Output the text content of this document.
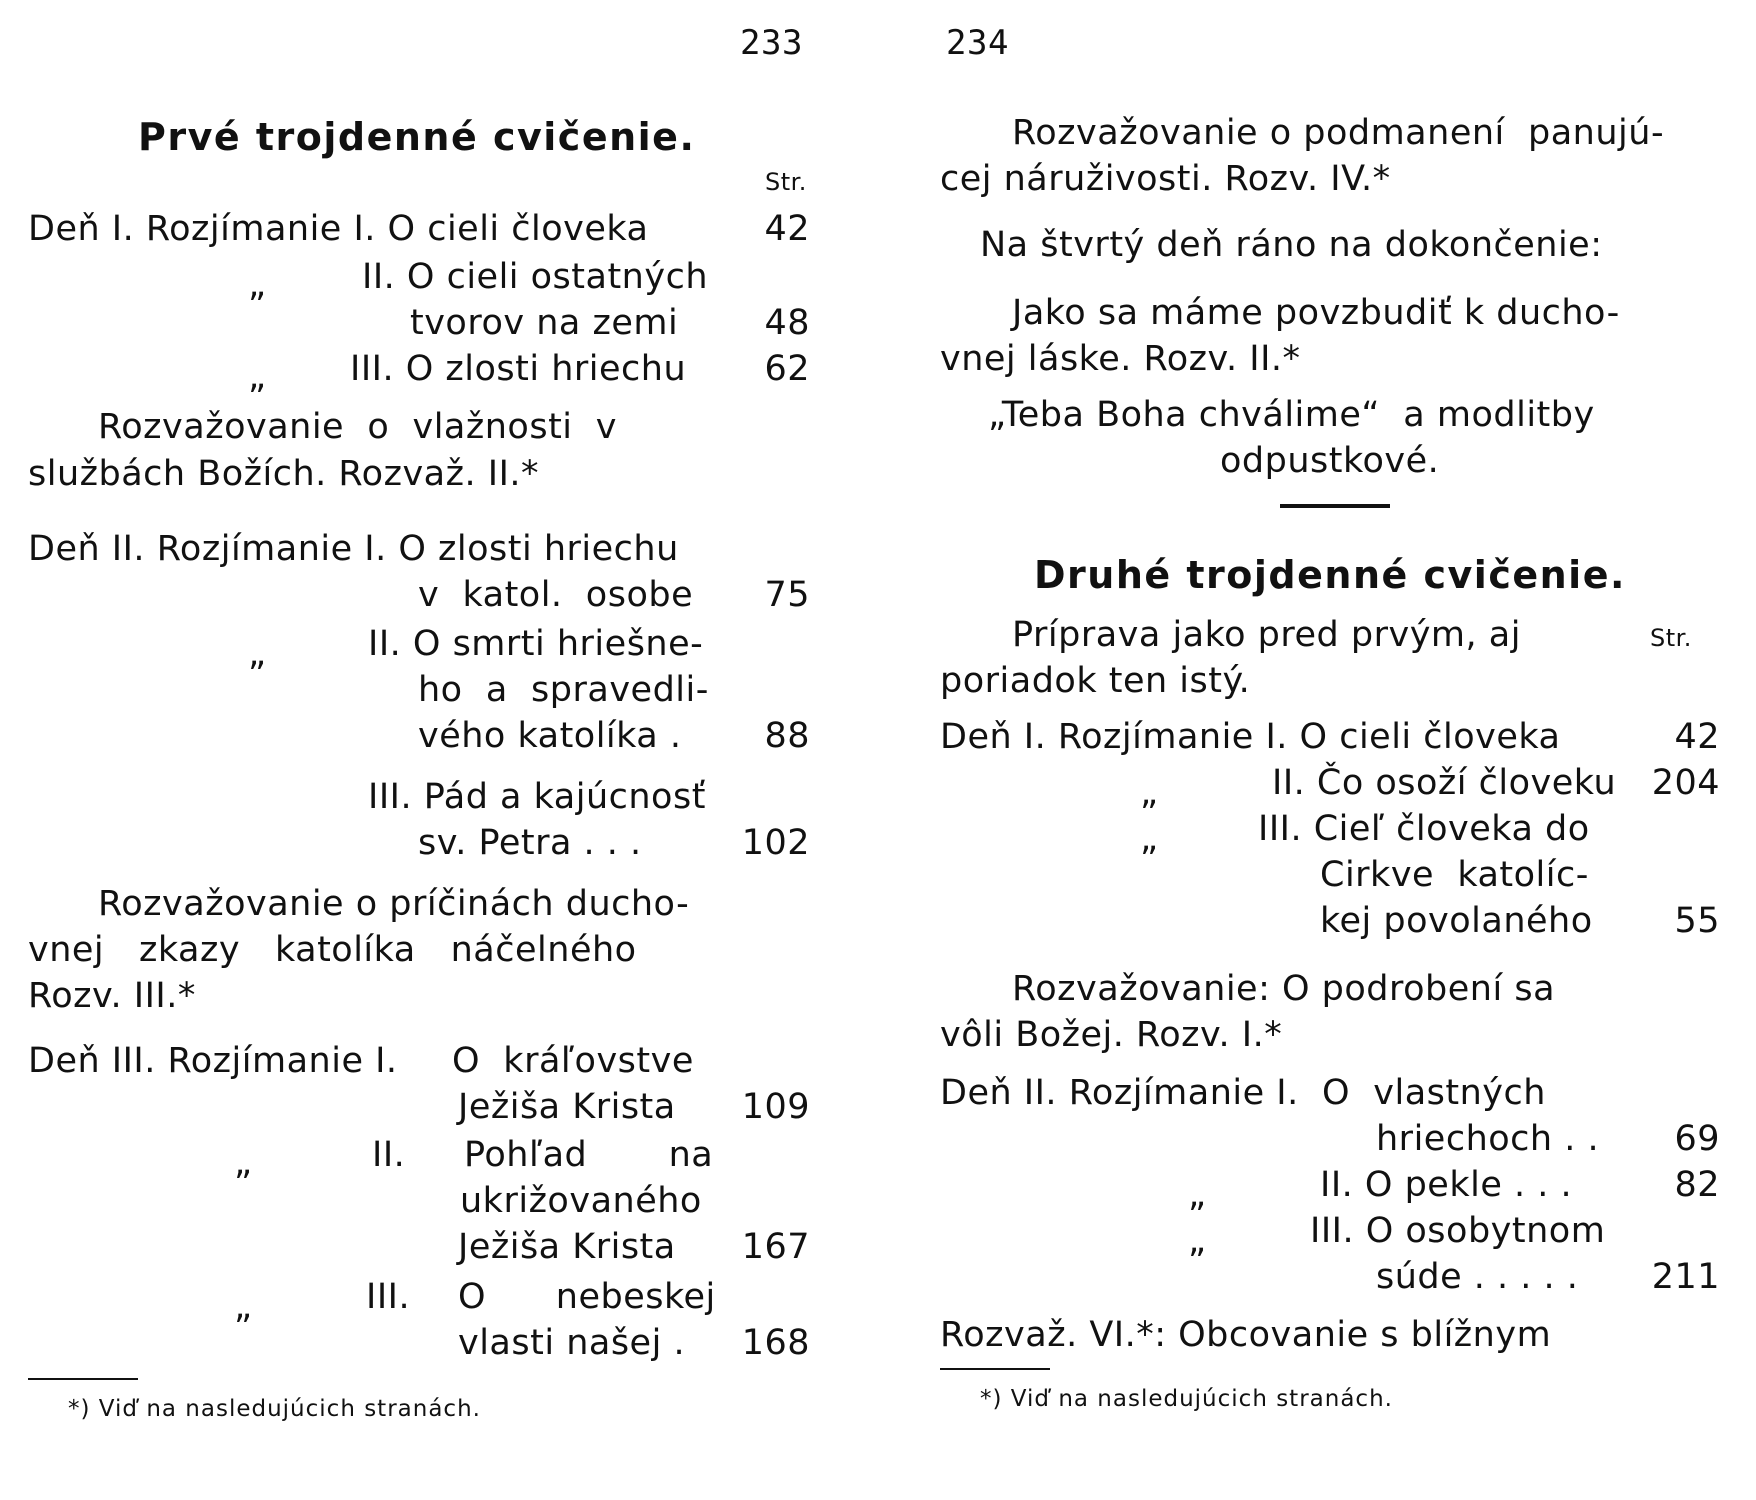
233
Prvé trojdenné cvičenie.
Str.
Deň I. Rozjímanie I. O cieli človeka	42
„	II. O cieli ostatných
tvorov na zemi 48
„ III. O zlosti hriechu 62
Rozvažovanie  o  vlažnosti  v
službách Božích. Rozvaž. II.*
Deň II. Rozjímanie I. O zlosti hriechu
v  katol.  osobe 75
„	II. O smrti hriešne-
ho  a  spravedli-
vého katolíka . 88
III. Pád a kajúcnosť
sv. Petra . . .	102
Rozvažovanie o príčinách ducho-
vnej   zkazy   katolíka   náčelného
Rozv. III.*
Deň III. Rozjímanie I. O  kráľovstve
Ježiša Krista 109
„	II. Pohľad       na
ukrižovaného
Ježiša Krista 167
„	III. O      nebeskej
vlasti našej . 168
*) Viď na nasledujúcich stranách.
234
Rozvažovanie o podmanení  panujú-
cej náruživosti. Rozv. IV.*
Na štvrtý deň ráno na dokončenie:
Jako sa máme povzbudiť k ducho-
vnej láske. Rozv. II.*
„Teba Boha chválime“  a modlitby
odpustkové.
Druhé trojdenné cvičenie.
Príprava jako pred prvým, aj	Str.
poriadok ten istý.
Deň I. Rozjímanie I. O cieli človeka	42
„	II. Čo osoží človeku 204
„	III. Cieľ človeka do
Cirkve  katolíc-
kej povolaného 55
Rozvažovanie: O podrobení sa
vôli Božej. Rozv. I.*
Deň II. Rozjímanie I.  O  vlastných
hriechoch . . 69
„	II. O pekle . . .	82
„	III. O osobytnom
súde . . . . . 211
Rozvaž. VI.*: Obcovanie s blížnym
*) Viď na nasledujúcich stranách.
